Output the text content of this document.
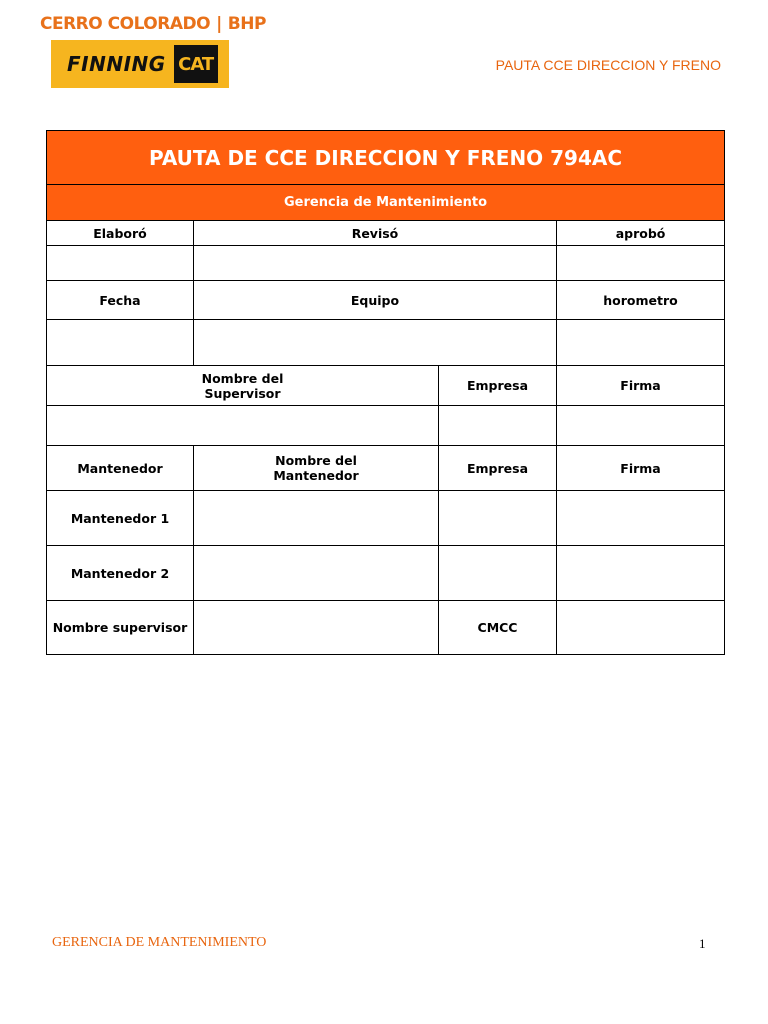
CERRO COLORADO | BHP
FINNING CAT	PAUTA CCE DIRECCION Y FRENO
PAUTA DE CCE DIRECCION Y FRENO 794AC			
Gerencia de Mantenimiento			
Elaboró	Revisó		aprobó

Fecha	Equipo		horometro

Nombre del Supervisor		Empresa	Firma

Mantenedor	Nombre del Mantenedor	Empresa	Firma
Mantenedor 1			
Mantenedor 2			
Nombre supervisor		CMCC	
GERENCIA DE MANTENIMIENTO	1
